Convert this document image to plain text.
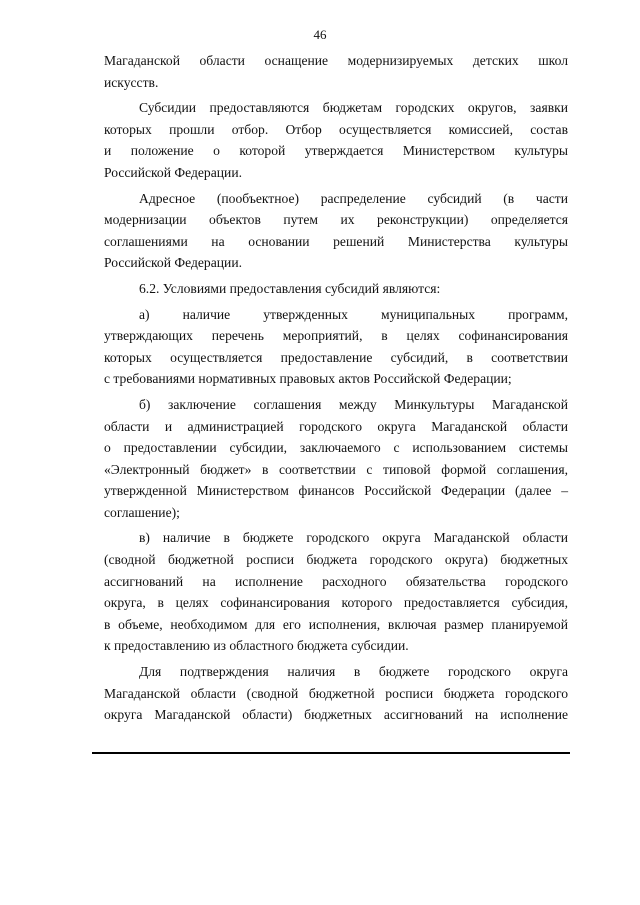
46
Магаданской области оснащение модернизируемых детских школ
искусств.
Субсидии предоставляются бюджетам городских округов, заявки
которых прошли отбор. Отбор осуществляется комиссией, состав
и положение о которой утверждается Министерством культуры
Российской Федерации.
Адресное (пообъектное) распределение субсидий (в части
модернизации объектов путем их реконструкции) определяется
соглашениями на основании решений Министерства культуры
Российской Федерации.
6.2. Условиями предоставления субсидий являются:
а) наличие утвержденных муниципальных программ,
утверждающих перечень мероприятий, в целях софинансирования
которых осуществляется предоставление субсидий, в соответствии
с требованиями нормативных правовых актов Российской Федерации;
б) заключение соглашения между Минкультуры Магаданской
области и администрацией городского округа Магаданской области
о предоставлении субсидии, заключаемого с использованием системы
«Электронный бюджет» в соответствии с типовой формой соглашения,
утвержденной Министерством финансов Российской Федерации (далее –
соглашение);
в) наличие в бюджете городского округа Магаданской области
(сводной бюджетной росписи бюджета городского округа) бюджетных
ассигнований на исполнение расходного обязательства городского
округа, в целях софинансирования которого предоставляется субсидия,
в объеме, необходимом для его исполнения, включая размер планируемой
к предоставлению из областного бюджета субсидии.
Для подтверждения наличия в бюджете городского округа
Магаданской области (сводной бюджетной росписи бюджета городского
округа Магаданской области) бюджетных ассигнований на исполнение
